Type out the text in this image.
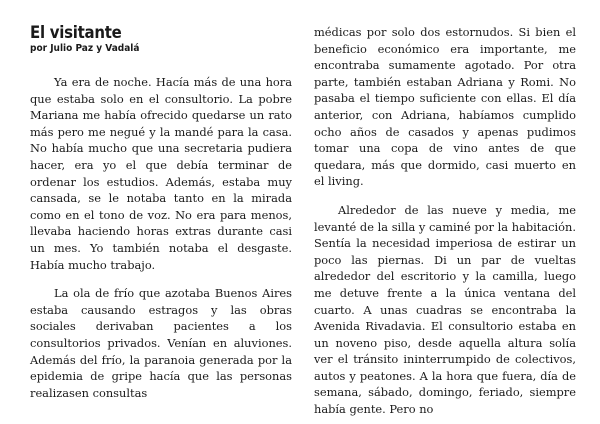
El visitante

por Julio Paz y Vadalá

Ya era de noche. Hacía más de una hora que estaba solo en el consultorio. La pobre Mariana me había ofrecido quedarse un rato más pero me negué y la mandé para la casa. No había mucho que una secretaria pudiera hacer, era yo el que debía terminar de ordenar los estudios. Además, estaba muy cansada, se le notaba tanto en la mirada como en el tono de voz. No era para menos, llevaba haciendo horas extras durante casi un mes. Yo también notaba el desgaste. Había mucho trabajo.

La ola de frío que azotaba Buenos Aires estaba causando estragos y las obras sociales derivaban pacientes a los consultorios privados. Venían en aluviones. Además del frío, la paranoia generada por la epidemia de gripe hacía que las personas realizasen consultas

médicas por solo dos estornudos. Si bien el beneficio económico era importante, me encontraba sumamente agotado. Por otra parte, también estaban Adriana y Romi. No pasaba el tiempo suficiente con ellas. El día anterior, con Adriana, habíamos cumplido ocho años de casados y apenas pudimos tomar una copa de vino antes de que quedara, más que dormido, casi muerto en el living.

Alrededor de las nueve y media, me levanté de la silla y caminé por la habitación. Sentía la necesidad imperiosa de estirar un poco las piernas. Di un par de vueltas alrededor del escritorio y la camilla, luego me detuve frente a la única ventana del cuarto. A unas cuadras se encontraba la Avenida Rivadavia. El consultorio estaba en un noveno piso, desde aquella altura solía ver el tránsito ininterrumpido de colectivos, autos y peatones. A la hora que fuera, día de semana, sábado, domingo, feriado, siempre había gente. Pero no
